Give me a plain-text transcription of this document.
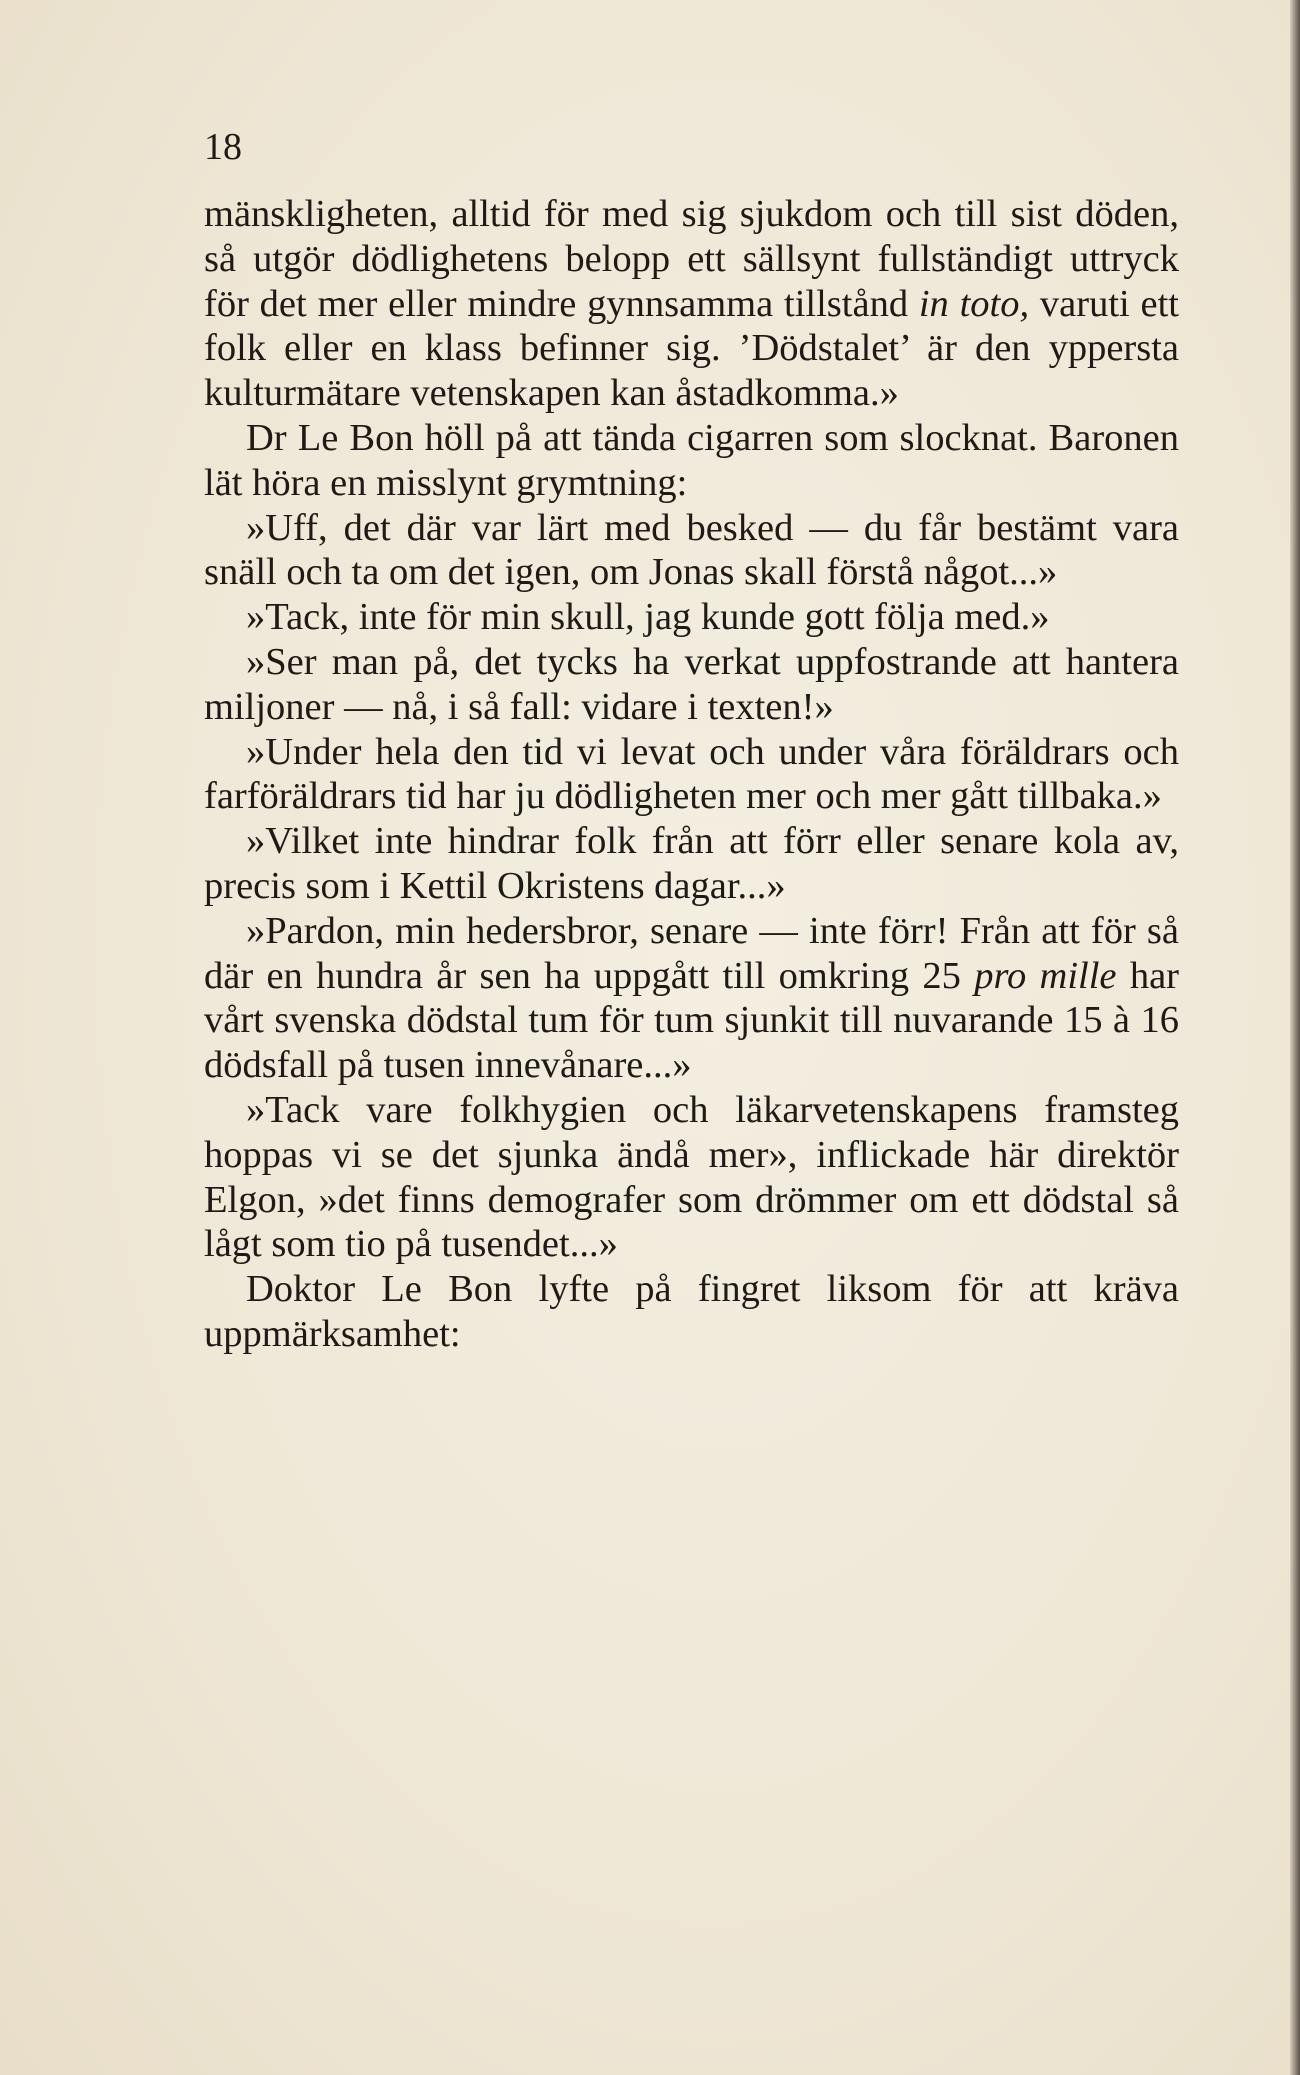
18

mänskligheten, alltid för med sig sjukdom och till sist döden, så utgör dödlighetens belopp ett sällsynt fullständigt uttryck för det mer eller mindre gynnsamma tillstånd in toto, varuti ett folk eller en klass befinner sig. ’Dödstalet’ är den yppersta kulturmätare vetenskapen kan åstadkomma.»

Dr Le Bon höll på att tända cigarren som slocknat. Baronen lät höra en misslynt grymtning:

»Uff, det där var lärt med besked — du får bestämt vara snäll och ta om det igen, om Jonas skall förstå något...»

»Tack, inte för min skull, jag kunde gott följa med.»

»Ser man på, det tycks ha verkat uppfostrande att hantera miljoner — nå, i så fall: vidare i texten!»

»Under hela den tid vi levat och under våra föräldrars och farföräldrars tid har ju dödligheten mer och mer gått tillbaka.»

»Vilket inte hindrar folk från att förr eller senare kola av, precis som i Kettil Okristens dagar...»

»Pardon, min hedersbror, senare — inte förr! Från att för så där en hundra år sen ha uppgått till omkring 25 pro mille har vårt svenska dödstal tum för tum sjunkit till nuvarande 15 à 16 dödsfall på tusen innevånare...»

»Tack vare folkhygien och läkarvetenskapens framsteg hoppas vi se det sjunka ändå mer», inflickade här direktör Elgon, »det finns demografer som drömmer om ett dödstal så lågt som tio på tusendet...»

Doktor Le Bon lyfte på fingret liksom för att kräva uppmärksamhet:
